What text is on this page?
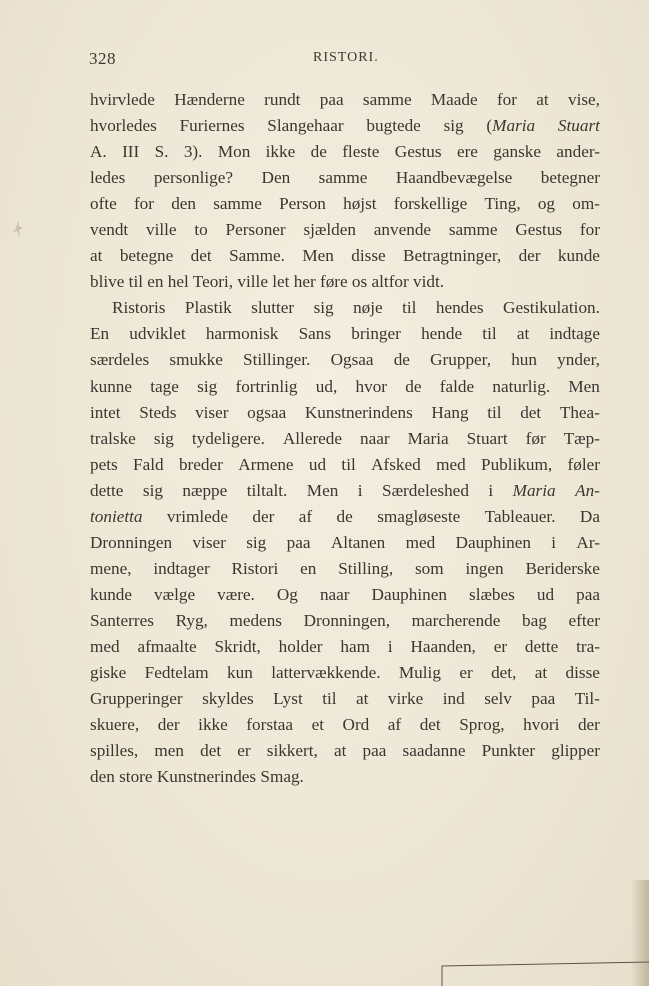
328	RISTORI.
hvirvlede Hænderne rundt paa samme Maade for at vise,
hvorledes Furiernes Slangehaar bugtede sig (Maria Stuart
A. III S. 3). Mon ikke de fleste Gestus ere ganske ander-
ledes personlige? Den samme Haandbevægelse betegner
ofte for den samme Person højst forskellige Ting, og om-
vendt ville to Personer sjælden anvende samme Gestus for
at betegne det Samme. Men disse Betragtninger, der kunde
blive til en hel Teori, ville let her føre os altfor vidt.
Ristoris Plastik slutter sig nøje til hendes Gestikulation.
En udviklet harmonisk Sans bringer hende til at indtage
særdeles smukke Stillinger. Ogsaa de Grupper, hun ynder,
kunne tage sig fortrinlig ud, hvor de falde naturlig. Men
intet Steds viser ogsaa Kunstnerindens Hang til det Thea-
tralske sig tydeligere. Allerede naar Maria Stuart før Tæp-
pets Fald breder Armene ud til Afsked med Publikum, føler
dette sig næppe tiltalt. Men i Særdeleshed i Maria An-
tonietta vrimlede der af de smagløseste Tableauer. Da
Dronningen viser sig paa Altanen med Dauphinen i Ar-
mene, indtager Ristori en Stilling, som ingen Beriderske
kunde vælge være. Og naar Dauphinen slæbes ud paa
Santerres Ryg, medens Dronningen, marcherende bag efter
med afmaalte Skridt, holder ham i Haanden, er dette tra-
giske Fedtelam kun lattervækkende. Mulig er det, at disse
Grupperinger skyldes Lyst til at virke ind selv paa Til-
skuere, der ikke forstaa et Ord af det Sprog, hvori der
spilles, men det er sikkert, at paa saadanne Punkter glipper
den store Kunstnerindes Smag.
